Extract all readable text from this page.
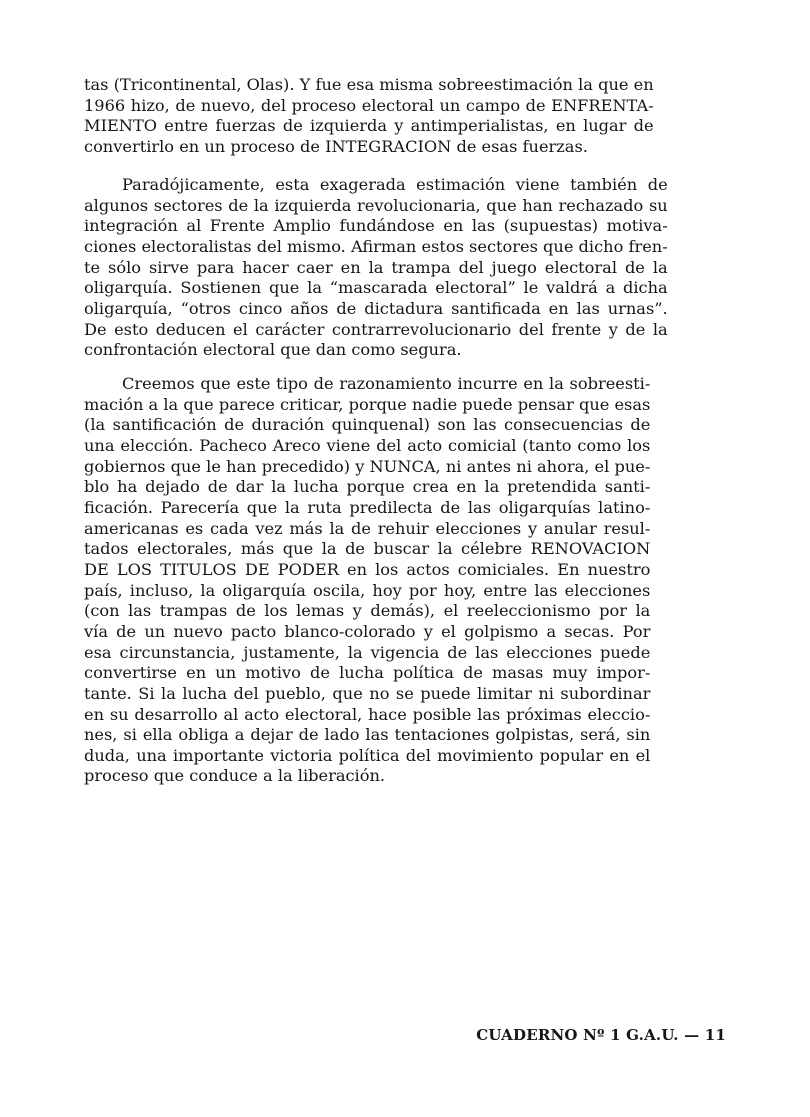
tas (Tricontinental, Olas). Y fue esa misma sobreestimación la que en
1966 hizo, de nuevo, del proceso electoral un campo de ENFRENTA-
MIENTO entre fuerzas de izquierda y antimperialistas, en lugar de
convertirlo en un proceso de INTEGRACION de esas fuerzas.

Paradójicamente, esta exagerada estimación viene también de
algunos sectores de la izquierda revolucionaria, que han rechazado su
integración al Frente Amplio fundándose en las (supuestas) motiva-
ciones electoralistas del mismo. Afirman estos sectores que dicho fren-
te sólo sirve para hacer caer en la trampa del juego electoral de la
oligarquía. Sostienen que la “mascarada electoral” le valdrá a dicha
oligarquía, “otros cinco años de dictadura santificada en las urnas”.
De esto deducen el carácter contrarrevolucionario del frente y de la
confrontación electoral que dan como segura.

Creemos que este tipo de razonamiento incurre en la sobreesti-
mación a la que parece criticar, porque nadie puede pensar que esas
(la santificación de duración quinquenal) son las consecuencias de
una elección. Pacheco Areco viene del acto comicial (tanto como los
gobiernos que le han precedido) y NUNCA, ni antes ni ahora, el pue-
blo ha dejado de dar la lucha porque crea en la pretendida santi-
ficación. Parecería que la ruta predilecta de las oligarquías latino-
americanas es cada vez más la de rehuir elecciones y anular resul-
tados electorales, más que la de buscar la célebre RENOVACION
DE LOS TITULOS DE PODER en los actos comiciales. En nuestro
país, incluso, la oligarquía oscila, hoy por hoy, entre las elecciones
(con las trampas de los lemas y demás), el reeleccionismo por la
vía de un nuevo pacto blanco-colorado y el golpismo a secas. Por
esa circunstancia, justamente, la vigencia de las elecciones puede
convertirse en un motivo de lucha política de masas muy impor-
tante. Si la lucha del pueblo, que no se puede limitar ni subordinar
en su desarrollo al acto electoral, hace posible las próximas eleccio-
nes, si ella obliga a dejar de lado las tentaciones golpistas, será, sin
duda, una importante victoria política del movimiento popular en el
proceso que conduce a la liberación.

CUADERNO Nº 1 G.A.U. — 11
